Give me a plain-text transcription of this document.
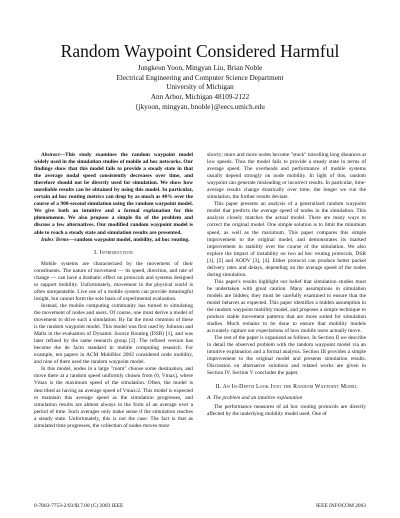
Random Waypoint Considered Harmful
Jungkeun Yoon, Mingyan Liu, Brian Noble
Electrical Engineering and Computer Science Department
University of Michigan
Ann Arbor, Michigan 48109-2122
{jkyoon, mingyan, bnoble}@eecs.umich.edu

Abstract—This study examines the random waypoint model widely used in the simulation studies of mobile ad hoc networks. Our findings show that this model fails to provide a steady state in that the average nodal speed consistently decreases over time, and therefore should not be directly used for simulation. We show how unreliable results can be obtained by using this model. In particular, certain ad hoc routing metrics can drop by as much as 40% over the course of a 900-second simulation using the random waypoint model. We give both an intuitive and a formal explanation for this phenomenon. We also propose a simple fix of the problem and discuss a few alternatives. Our modified random waypoint model is able to reach a steady state and simulation results are presented.

Index Terms—random waypoint model, mobility, ad hoc routing.

I. Introduction

Mobile systems are characterized by the movement of their constituents. The nature of movement — its speed, direction, and rate of change — can have a dramatic effect on protocols and systems designed to support mobility. Unfortunately, movement in the physical world is often unrepeatable. Live use of a mobile system can provide meaningful insight, but cannot form the sole basis of experimental evaluation.

Instead, the mobile computing community has turned to simulating the movement of nodes and users. Of course, one must derive a model of movement to drive such a simulation. By far the most common of these is the random waypoint model. This model was first used by Johnson and Maltz in the evaluation of Dynamic Source Routing (DSR) [1], and was later refined by the same research group [2]. The refined version has become the de facto standard in mobile computing research. For example, ten papers in ACM MobiHoc 2002 considered node mobility, and nine of them used the random waypoint model.

In this model, nodes in a large "room" choose some destination, and move there at a random speed uniformly chosen from (0, Vmax], where Vmax is the maximum speed of the simulation. Often, the model is described as having an average speed of Vmax/2. This model is expected to maintain this average speed as the simulation progresses, and simulation results are almost always in the form of an average over a period of time. Such averages only make sense if the simulation reaches a steady state. Unfortunately, this is not the case. The fact is that as simulated time progresses, the collection of nodes moves more

slowly; more and more nodes become "stuck" travelling long distances at low speeds. Thus the model fails to provide a steady state in terms of average speed. The overheads and performance of mobile systems usually depend strongly on node mobility. In light of this, random waypoint can generate misleading or incorrect results. In particular, time-average results change drastically over time; the longer we run the simulation, the further results deviate.

This paper presents an analysis of a generalized random waypoint model that predicts the average speed of nodes in the simulation. This analysis closely matches the actual model. There are many ways to correct the original model. One simple solution is to limit the minimum speed, as well as the maximum. This paper compares this simple improvement to the original model, and demonstrates its marked improvement in stability over the course of the simulation. We also explore the impact of instability on two ad hoc routing protocols, DSR [1], [2] and AODV [3], [4]. Either protocol can produce better packet delivery rates and delays, depending on the average speed of the nodes during simulation.

This paper's results highlight our belief that simulation studies must be undertaken with great caution. Many assumptions in simulation models are hidden; they must be carefully examined to ensure that the model behaves as expected. This paper identifies a hidden assumption in the random waypoint mobility model, and proposes a simple technique to produce stable movement patterns that are more suited for simulation studies. Much remains to be done to ensure that mobility models accurately capture our expectations of how mobile users actually move.

The rest of the paper is organized as follows. In Section II we describe in detail the observed problem with the random waypoint model via an intuitive explanation and a formal analysis. Section III provides a simple improvement to the original model and presents simulation results. Discussion on alternative solutions and related works are given in Section IV. Section V concludes the paper.

II. An In-Depth Look Into the Random Waypoint Model
A. The problem and an intuitive explanation

The performance measures of ad hoc routing protocols are directly affected by the underlying mobility model used. One of

0-7803-7753-2/03/$17.00 (C) 2003 IEEE	IEEE INFOCOM 2003
